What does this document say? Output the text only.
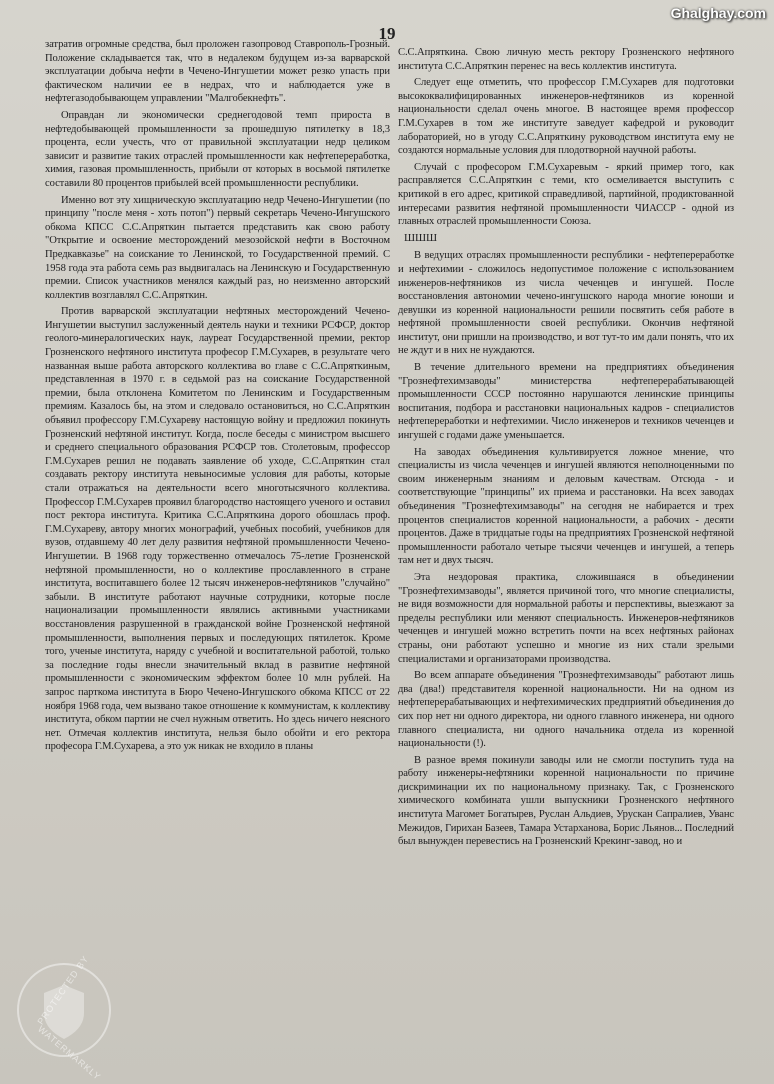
Ghalghay.com
19

затратив огромные средства, был проложен газопровод Ставрополь-Грозный. Положение складывается так, что в недалеком будущем из-за варварской эксплуатации добыча нефти в Чечено-Ингушетии может резко упасть при фактическом наличии ее в недрах, что и наблюдается уже в нефтегазодобывающем управлении "Малгобекнефть".

Оправдан ли экономически среднегодовой темп прироста в нефтедобывающей промышленности за прошедшую пятилетку в 18,3 процента, если учесть, что от правильной эксплуатации недр целиком зависит и развитие таких отраслей промышленности как нефтепереработка, химия, газовая промышленность, прибыли от которых в восьмой пятилетке составили 80 процентов прибылей всей промышленности республики.

Именно вот эту хищническую эксплуатацию недр Чечено-Ингушетии (по принципу "после меня - хоть потоп") первый секретарь Чечено-Ингушского обкома КПСС С.С.Апряткин пытается представить как свою работу "Открытие и освоение месторождений мезозойской нефти в Восточном Предкавказье" на соискание то Ленинской, то Государственной премий. С 1958 года эта работа семь раз выдвигалась на Ленинскую и Государственную премии. Список участников менялся каждый раз, но неизменно авторский коллектив возглавлял С.С.Апряткин.

Против варварской эксплуатации нефтяных месторождений Чечено-Ингушетии выступил заслуженный деятель науки и техники РСФСР, доктор геолого-минералогических наук, лауреат Государственной премии, ректор Грозненского нефтяного института професор Г.М.Сухарев, в результате чего названная выше работа авторского коллектива во главе с С.С.Апряткиным, представленная в 1970 г. в седьмой раз на соискание Государственной премии, была отклонена Комитетом по Ленинским и Государственным премиям. Казалось бы, на этом и следовало остановиться, но С.С.Апряткин объявил профессору Г.М.Сухареву настоящую войну и предложил покинуть Грозненский нефтяной институт. Когда, после беседы с министром высшего и среднего специального образования РСФСР тов. Столетовым, профессор Г.М.Сухарев решил не подавать заявление об уходе, С.С.Апряткин стал создавать ректору института невыносимые условия для работы, которые стали отражаться на деятельности всего многотысячного коллектива. Профессор Г.М.Сухарев проявил благородство настоящего ученого и оставил пост ректора института. Критика С.С.Апряткина дорого обошлась проф. Г.М.Сухареву, автору многих монографий, учебных пособий, учебников для вузов, отдавшему 40 лет делу развития нефтяной промышленности Чечено-Ингушетии. В 1968 году торжественно отмечалось 75-летие Грозненской нефтяной промышленности, но о коллективе прославленного в стране института, воспитавшего более 12 тысяч инженеров-нефтяников "случайно" забыли. В институте работают научные сотрудники, которые после национализации промышленности являлись активными участниками восстановления разрушенной в гражданской войне Грозненской нефтяной промышленности, выполнения первых и последующих пятилеток. Кроме того, ученые института, наряду с учебной и воспитательной работой, только за последние годы внесли значительный вклад в развитие нефтяной промышленности с экономическим эффектом более 10 млн рублей. На запрос парткома института в Бюро Чечено-Ингушского обкома КПСС от 22 ноября 1968 года, чем вызвано такое отношение к коммунистам, к коллективу института, обком партии не счел нужным ответить. Но здесь ничего неясного нет. Отмечая коллектив института, нельзя было обойти и его ректора професора Г.М.Сухарева, а это уж никак не входило в планы

С.С.Апряткина. Свою личную месть ректору Грозненского нефтяного института С.С.Апряткин перенес на весь коллектив института.

Следует еще отметить, что профессор Г.М.Сухарев для подготовки высококвалифицированных инженеров-нефтяников из коренной национальности сделал очень многое. В настоящее время профессор Г.М.Сухарев в том же институте заведует кафедрой и руководит лабораторией, но в угоду С.С.Апряткину руководством института ему не создаются нормальные условия для плодотворной научной работы.

Случай с професором Г.М.Сухаревым - яркий пример того, как расправляется С.С.Апряткин с теми, кто осмеливается выступить с критикой в его адрес, критикой справедливой, партийной, продиктованной интересами развития нефтяной промышленности ЧИАССР - одной из главных отраслей промышленности Союза.

ШШШ

В ведущих отраслях промышленности республики - нефтепереработке и нефтехимии - сложилось недопустимое положение с использованием инженеров-нефтяников из числа чеченцев и ингушей. После восстановления автономии чечено-ингушского народа многие юноши и девушки из коренной национальности решили посвятить себя работе в нефтяной промышленности своей республики. Окончив нефтяной институт, они пришли на производство, и вот тут-то им дали понять, что их не ждут и в них не нуждаются.

В течение длительного времени на предприятиях объединения "Грознефтехимзаводы" министерства нефтеперерабатывающей промышленности СССР постоянно нарушаются ленинские принципы воспитания, подбора и расстановки национальных кадров - специалистов нефтепереработки и нефтехимии. Число инженеров и техников чеченцев и ингушей с годами даже уменьшается.

На заводах объединения культивируется ложное мнение, что специалисты из числа чеченцев и ингушей являются неполноценными по своим инженерным знаниям и деловым качествам. Отсюда - и соответствующие "принципы" их приема и расстановки. На всех заводах объединения "Грознефтехимзаводы" на сегодня не набирается и трех процентов специалистов коренной национальности, а рабочих - десяти процентов. Даже в тридцатые годы на предприятиях Грозненской нефтяной промышленности работало четыре тысячи чеченцев и ингушей, а теперь там нет и двух тысяч.

Эта нездоровая практика, сложившаяся в объединении "Грознефтехимзаводы", является причиной того, что многие специалисты, не видя возможности для нормальной работы и перспективы, выезжают за пределы республики или меняют специальность. Инженеров-нефтяников чеченцев и ингушей можно встретить почти на всех нефтяных районах страны, они работают успешно и многие из них стали зрелыми специалистами и организаторами производства.

Во всем аппарате объединения "Грознефтехимзаводы" работают лишь два (два!) представителя коренной национальности. Ни на одном из нефтеперерабатывающих и нефтехимических предприятий объединения до сих пор нет ни одного директора, ни одного главного инженера, ни одного главного специалиста, ни одного начальника отдела из коренной национальности (!).

В разное время покинули заводы или не смогли поступить туда на работу инженеры-нефтяники коренной национальности по причине дискриминации их по национальному признаку. Так, с Грозненского химического комбината ушли выпускники Грозненского нефтяного института Магомет Богатырев, Руслан Альдиев, Урускан Сапралиев, Уванс Межидов, Гирихан Базеев, Тамара Устарханова, Борис Льянов... Последний был вынужден перевестись на Грозненский Крекинг-завод, но и

PROTECTED BY
WATERMARKLY
